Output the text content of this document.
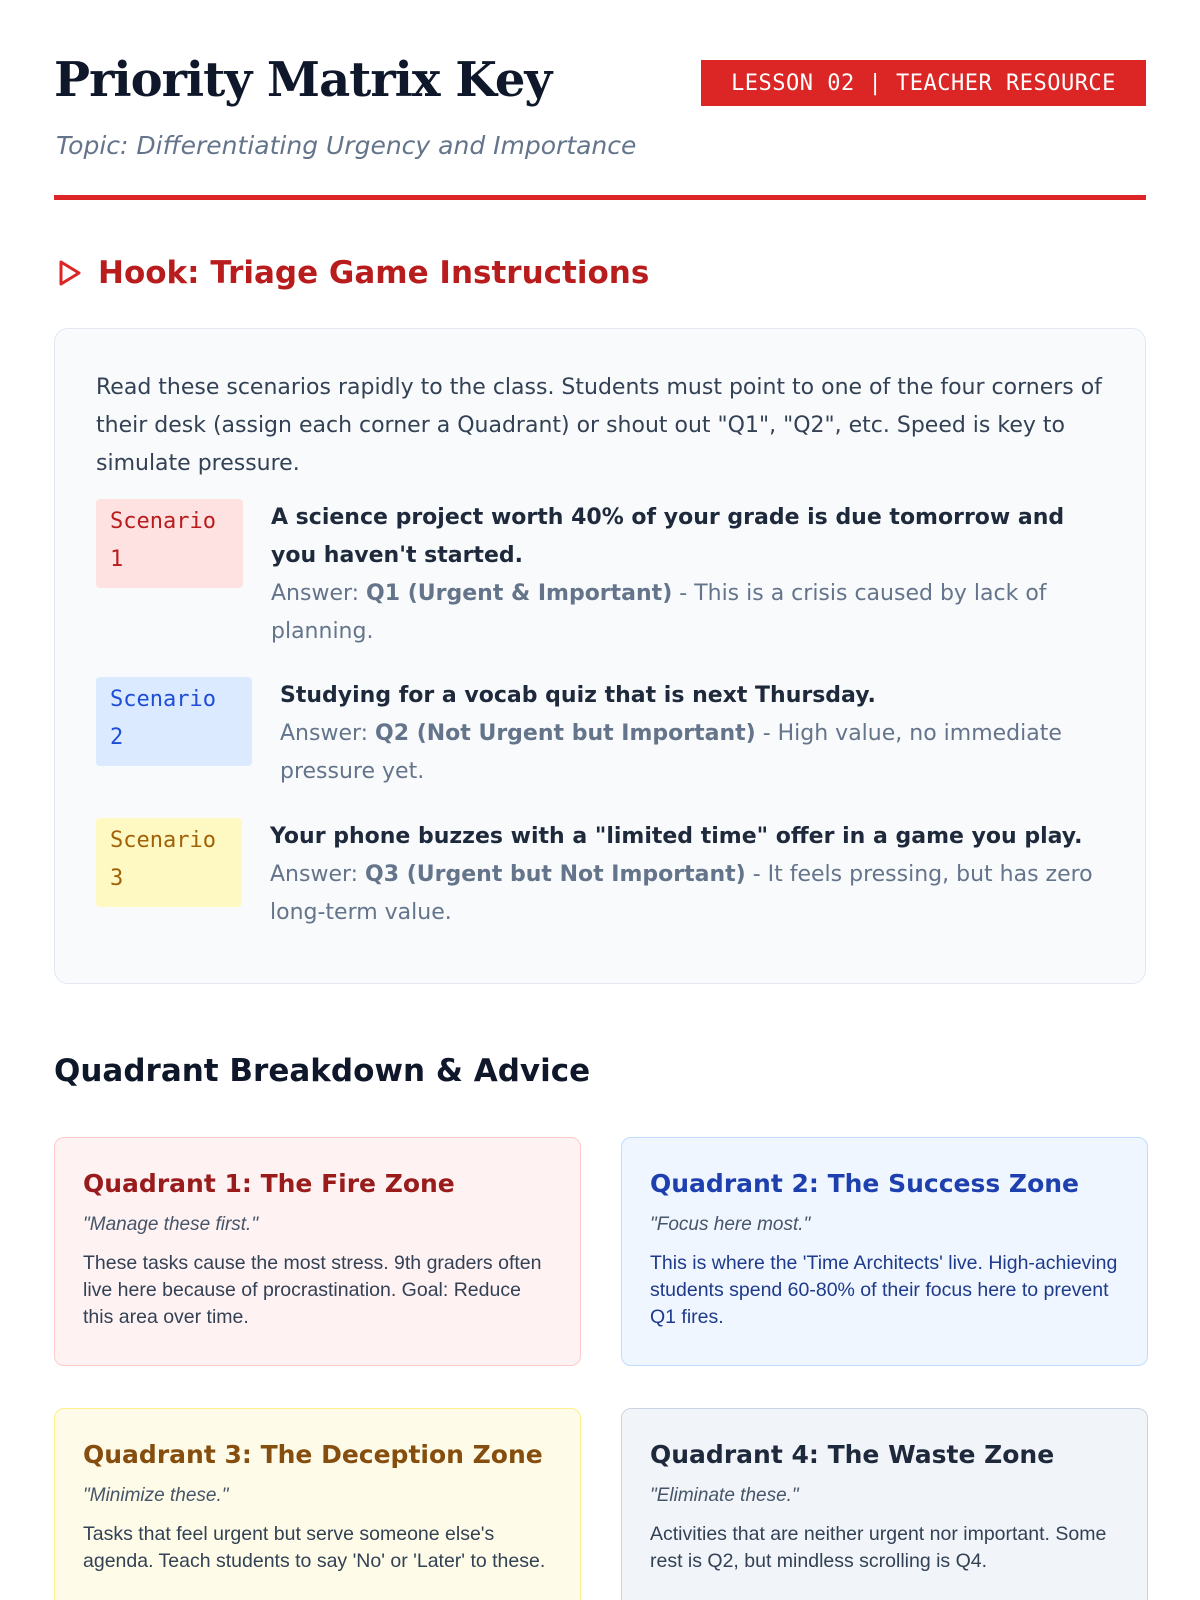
Priority Matrix Key
Topic: Differentiating Urgency and Importance
LESSON 02 | TEACHER RESOURCE
Hook: Triage Game Instructions

Read these scenarios rapidly to the class. Students must point to one of the four corners of their desk (assign each corner a Quadrant) or shout out "Q1", "Q2", etc. Speed is key to simulate pressure.

Scenario 1
A science project worth 40% of your grade is due tomorrow and you haven't started.
Answer: Q1 (Urgent & Important) - This is a crisis caused by lack of planning.
Scenario 2
Studying for a vocab quiz that is next Thursday.
Answer: Q2 (Not Urgent but Important) - High value, no immediate pressure yet.
Scenario 3
Your phone buzzes with a "limited time" offer in a game you play.
Answer: Q3 (Urgent but Not Important) - It feels pressing, but has zero long-term value.
Quadrant Breakdown & Advice
Quadrant 1: The Fire Zone
"Manage these first."

These tasks cause the most stress. 9th graders often live here because of procrastination. Goal: Reduce this area over time.

Quadrant 2: The Success Zone
"Focus here most."

This is where the 'Time Architects' live. High-achieving students spend 60-80% of their focus here to prevent Q1 fires.

Quadrant 3: The Deception Zone
"Minimize these."

Tasks that feel urgent but serve someone else's agenda. Teach students to say 'No' or 'Later' to these.

Quadrant 4: The Waste Zone
"Eliminate these."

Activities that are neither urgent nor important. Some rest is Q2, but mindless scrolling is Q4.
